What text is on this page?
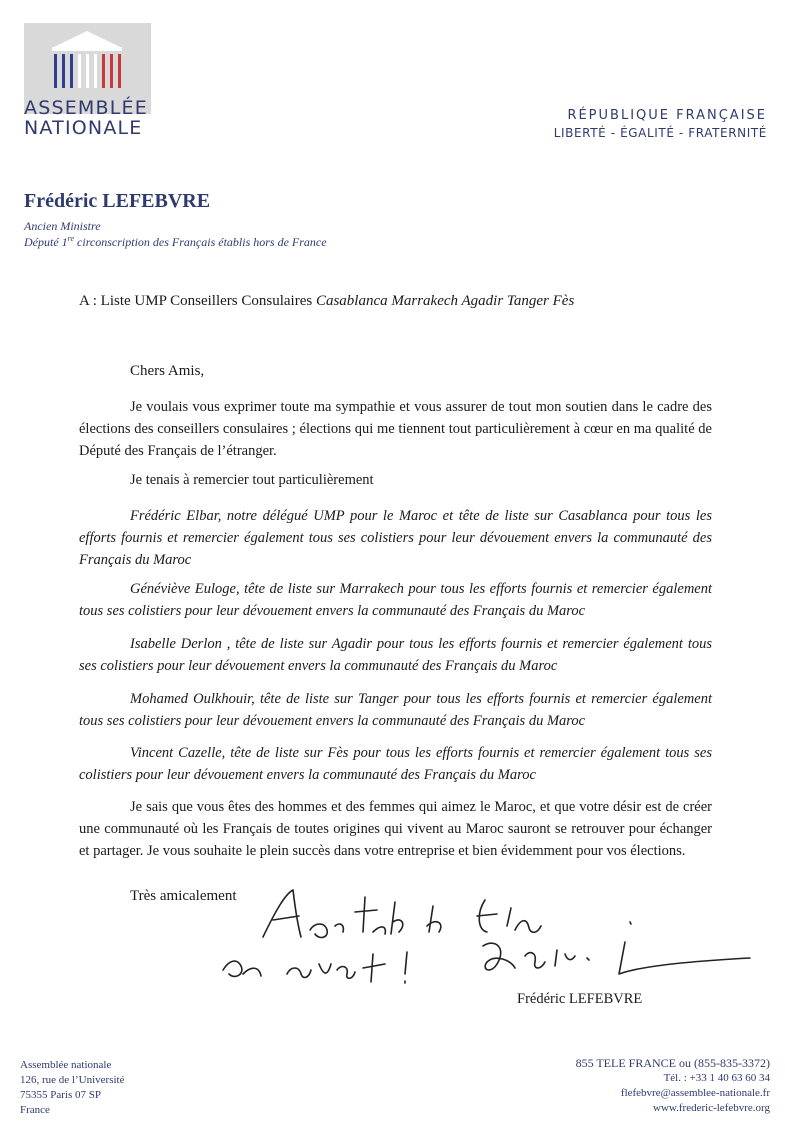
ASSEMBLÉE
NATIONALE
RÉPUBLIQUE FRANÇAISE
LIBERTÉ - ÉGALITÉ - FRATERNITÉ
Frédéric LEFEBVRE
Ancien Ministre
Député 1re circonscription des Français établis hors de France
A : Liste UMP Conseillers Consulaires Casablanca Marrakech Agadir Tanger Fès
Chers Amis,
Je voulais vous exprimer toute ma sympathie et vous assurer de tout mon soutien dans le cadre des élections des conseillers consulaires ; élections qui me tiennent tout particulièrement à cœur en ma qualité de Député des Français de l’étranger.
Je tenais à remercier tout particulièrement
Frédéric Elbar, notre délégué UMP pour le Maroc et tête de liste sur Casablanca pour tous les efforts fournis et remercier également tous ses colistiers pour leur dévouement envers la communauté des Français du Maroc
Généviève Euloge, tête de liste sur Marrakech pour tous les efforts fournis et remercier également tous ses colistiers pour leur dévouement envers la communauté des Français du Maroc
Isabelle Derlon , tête de liste sur Agadir pour tous les efforts fournis et remercier également tous ses colistiers pour leur dévouement envers la communauté des Français du Maroc
Mohamed Oulkhouir, tête de liste sur Tanger pour tous les efforts fournis et remercier également tous ses colistiers pour leur dévouement envers la communauté des Français du Maroc
Vincent Cazelle, tête de liste sur Fès pour tous les efforts fournis et remercier également tous ses colistiers pour leur dévouement envers la communauté des Français du Maroc
Je sais que vous êtes des hommes et des femmes qui aimez le Maroc, et que votre désir est de créer une communauté où les Français de toutes origines qui vivent au Maroc sauront se retrouver pour échanger et partager. Je vous souhaite le plein succès dans votre entreprise et bien évidemment pour vos élections.
Très amicalement
Frédéric LEFEBVRE
Assemblée nationale
126, rue de l’Université
75355 Paris 07 SP
France
855 TELE FRANCE ou (855-835-3372)
Tél. : +33 1 40 63 60 34
flefebvre@assemblee-nationale.fr
www.frederic-lefebvre.org
